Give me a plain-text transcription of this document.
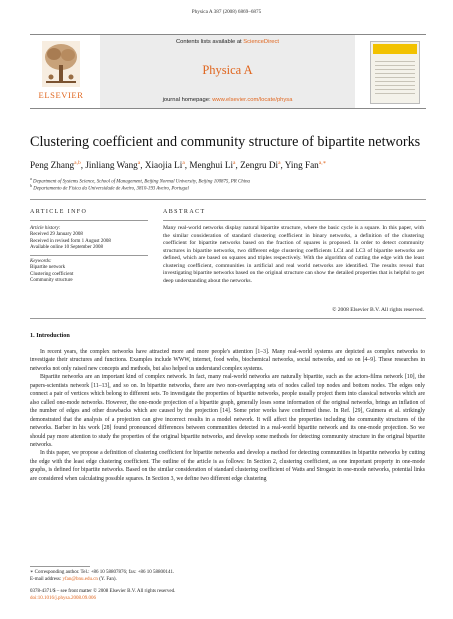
Physica A 387 (2008) 6869–6875
ELSEVIER
Contents lists available at ScienceDirect
Physica A
journal homepage: www.elsevier.com/locate/physa
Clustering coefficient and community structure of bipartite networks
Peng Zhang$^{a,b}$, Jinliang Wang$^a$, Xiaojia Li$^a$, Menghui Li$^a$, Zengru Di$^a$, Ying Fan$^{a,∗}$
$^a$ Department of Systems Science, School of Management, Beijing Normal University, Beijing 100875, PR China
$^b$ Departamento de Física da Universidade de Aveiro, 3810-193 Aveiro, Portugal
ARTICLE INFO	ABSTRACT
Article history:
Received 29 January 2008
Received in revised form 1 August 2008
Available online 10 September 2008
Keywords:
Bipartite network
Clustering coefficient
Community structure
Many real-world networks display natural bipartite structure, where the basic cycle is a square. In this paper, with the similar consideration of standard clustering coefficient in binary networks, a definition of the clustering coefficient for bipartite networks based on the fraction of squares is proposed. In order to detect community structures in bipartite networks, two different edge clustering coefficients LC4 and LC3 of bipartite networks are defined, which are based on squares and triples respectively. With the algorithm of cutting the edge with the least clustering coefficient, communities in artificial and real world networks are identified. The results reveal that investigating bipartite networks based on the original structure can show the detailed properties that is helpful to get deep understanding about the networks.
© 2008 Elsevier B.V. All rights reserved.
1. Introduction

In recent years, the complex networks have attracted more and more people's attention [1–3]. Many real-world systems are depicted as complex networks to investigate their structures and functions. Examples include WWW, internet, food webs, biochemical networks, social networks, and so on [4–9]. These researches in networks not only raised new concepts and methods, but also helped us understand complex systems.

Bipartite networks are an important kind of complex network. In fact, many real-world networks are naturally bipartite, such as the actors-films network [10], the papers-scientists network [11–13], and so on. In bipartite networks, there are two non-overlapping sets of nodes called top nodes and bottom nodes. The edges only connect a pair of vertices which belong to different sets. To investigate the properties of bipartite networks, people usually project them into classical networks which are also called one-mode networks. However, the one-mode projection of a bipartite graph, generally loses some information of the original networks, brings an inflation of the number of edges and other drawbacks which are caused by the projection [14]. Some prior works have confirmed these. In Ref. [29], Guimera et al. strikingly demonstrated that the analysis of a projection can give incorrect results in a model network. It will affect the properties including the community structures of the networks. Barber in his work [28] found pronounced differences between communities detected in a real-world bipartite network and its one-mode projection. So we should pay more attention to study the properties of the original bipartite networks, and develop some methods for detecting community structure in the original bipartite networks.

In this paper, we propose a definition of clustering coefficient for bipartite networks and develop a method for detecting communities in bipartite networks by cutting the edge with the least edge clustering coefficient. The outline of the article is as follows: In Section 2, clustering coefficient, as one important property in one-mode graphs, is defined for bipartite networks. Based on the similar consideration of standard clustering coefficient of Watts and Strogatz in one-mode networks, potential links are considered when calculating possible squares. In Section 3, we define two different edge clustering

∗ Corresponding author. Tel.: +86 10 58807876; fax: +86 10 58800141.
E-mail address: yfan@bnu.edu.cn (Y. Fan).
0378-4371/$ – see front matter © 2008 Elsevier B.V. All rights reserved.
doi:10.1016/j.physa.2008.09.006
